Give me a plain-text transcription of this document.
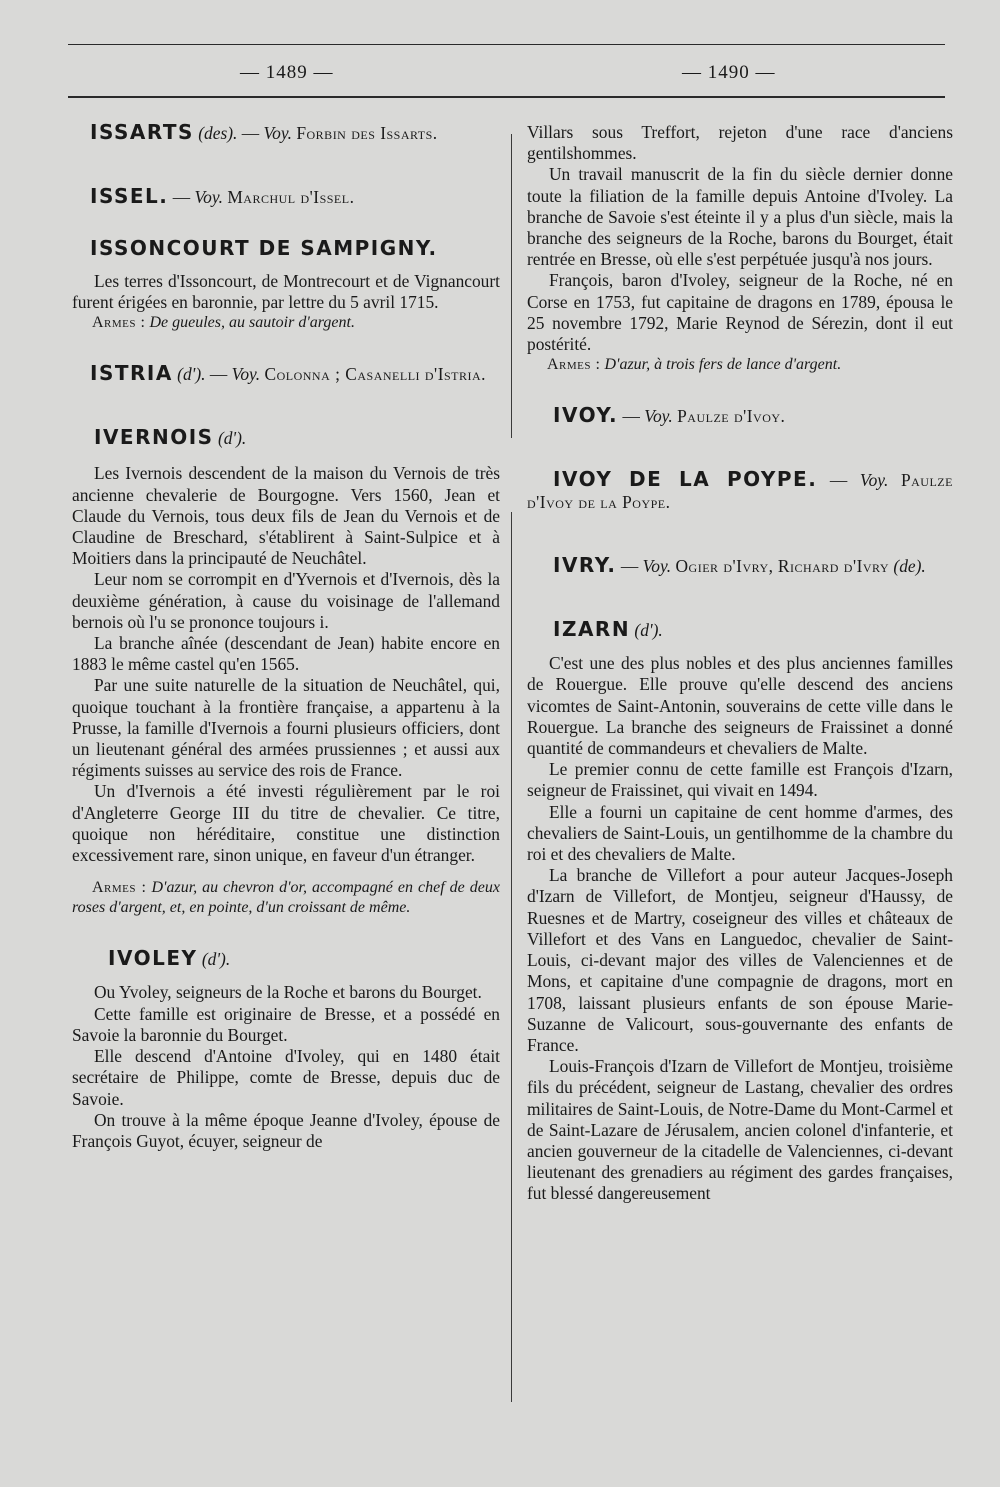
— 1489 —	— 1490 —

ISSARTS (des). — Voy. Forbin des Issarts.

ISSEL. — Voy. Marchul d'Issel.

ISSONCOURT DE SAMPIGNY.

Les terres d'Issoncourt, de Montrecourt et de Vignancourt furent érigées en baronnie, par lettre du 5 avril 1715.

Armes : De gueules, au sautoir d'argent.

ISTRIA (d'). — Voy. Colonna ; Casanelli d'Istria.

IVERNOIS (d').

Les Ivernois descendent de la maison du Vernois de très ancienne chevalerie de Bourgogne. Vers 1560, Jean et Claude du Vernois, tous deux fils de Jean du Vernois et de Claudine de Breschard, s'établirent à Saint-Sulpice et à Moitiers dans la principauté de Neuchâtel.

Leur nom se corrompit en d'Yvernois et d'Ivernois, dès la deuxième génération, à cause du voisinage de l'allemand bernois où l'u se prononce toujours i.

La branche aînée (descendant de Jean) habite encore en 1883 le même castel qu'en 1565.

Par une suite naturelle de la situation de Neuchâtel, qui, quoique touchant à la frontière française, a appartenu à la Prusse, la famille d'Ivernois a fourni plusieurs officiers, dont un lieutenant général des armées prussiennes ; et aussi aux régiments suisses au service des rois de France.

Un d'Ivernois a été investi régulièrement par le roi d'Angleterre George III du titre de chevalier. Ce titre, quoique non héréditaire, constitue une distinction excessivement rare, sinon unique, en faveur d'un étranger.

Armes : D'azur, au chevron d'or, accompagné en chef de deux roses d'argent, et, en pointe, d'un croissant de même.

IVOLEY (d').

Ou Yvoley, seigneurs de la Roche et barons du Bourget.

Cette famille est originaire de Bresse, et a possédé en Savoie la baronnie du Bourget.

Elle descend d'Antoine d'Ivoley, qui en 1480 était secrétaire de Philippe, comte de Bresse, depuis duc de Savoie.

On trouve à la même époque Jeanne d'Ivoley, épouse de François Guyot, écuyer, seigneur de

Villars sous Treffort, rejeton d'une race d'anciens gentilshommes.

Un travail manuscrit de la fin du siècle dernier donne toute la filiation de la famille depuis Antoine d'Ivoley. La branche de Savoie s'est éteinte il y a plus d'un siècle, mais la branche des seigneurs de la Roche, barons du Bourget, était rentrée en Bresse, où elle s'est perpétuée jusqu'à nos jours.

François, baron d'Ivoley, seigneur de la Roche, né en Corse en 1753, fut capitaine de dragons en 1789, épousa le 25 novembre 1792, Marie Reynod de Sérezin, dont il eut postérité.

Armes : D'azur, à trois fers de lance d'argent.

IVOY. — Voy. Paulze d'Ivoy.

IVOY DE LA POYPE. — Voy. Paulze d'Ivoy de la Poype.

IVRY. — Voy. Ogier d'Ivry, Richard d'Ivry (de).

IZARN (d').

C'est une des plus nobles et des plus anciennes familles de Rouergue. Elle prouve qu'elle descend des anciens vicomtes de Saint-Antonin, souverains de cette ville dans le Rouergue. La branche des seigneurs de Fraissinet a donné quantité de commandeurs et chevaliers de Malte.

Le premier connu de cette famille est François d'Izarn, seigneur de Fraissinet, qui vivait en 1494.

Elle a fourni un capitaine de cent homme d'armes, des chevaliers de Saint-Louis, un gentilhomme de la chambre du roi et des chevaliers de Malte.

La branche de Villefort a pour auteur Jacques-Joseph d'Izarn de Villefort, de Montjeu, seigneur d'Haussy, de Ruesnes et de Martry, coseigneur des villes et châteaux de Villefort et des Vans en Languedoc, chevalier de Saint-Louis, ci-devant major des villes de Valenciennes et de Mons, et capitaine d'une compagnie de dragons, mort en 1708, laissant plusieurs enfants de son épouse Marie-Suzanne de Valicourt, sous-gouvernante des enfants de France.

Louis-François d'Izarn de Villefort de Montjeu, troisième fils du précédent, seigneur de Lastang, chevalier des ordres militaires de Saint-Louis, de Notre-Dame du Mont-Carmel et de Saint-Lazare de Jérusalem, ancien colonel d'infanterie, et ancien gouverneur de la citadelle de Valenciennes, ci-devant lieutenant des grenadiers au régiment des gardes françaises, fut blessé dangereusement
